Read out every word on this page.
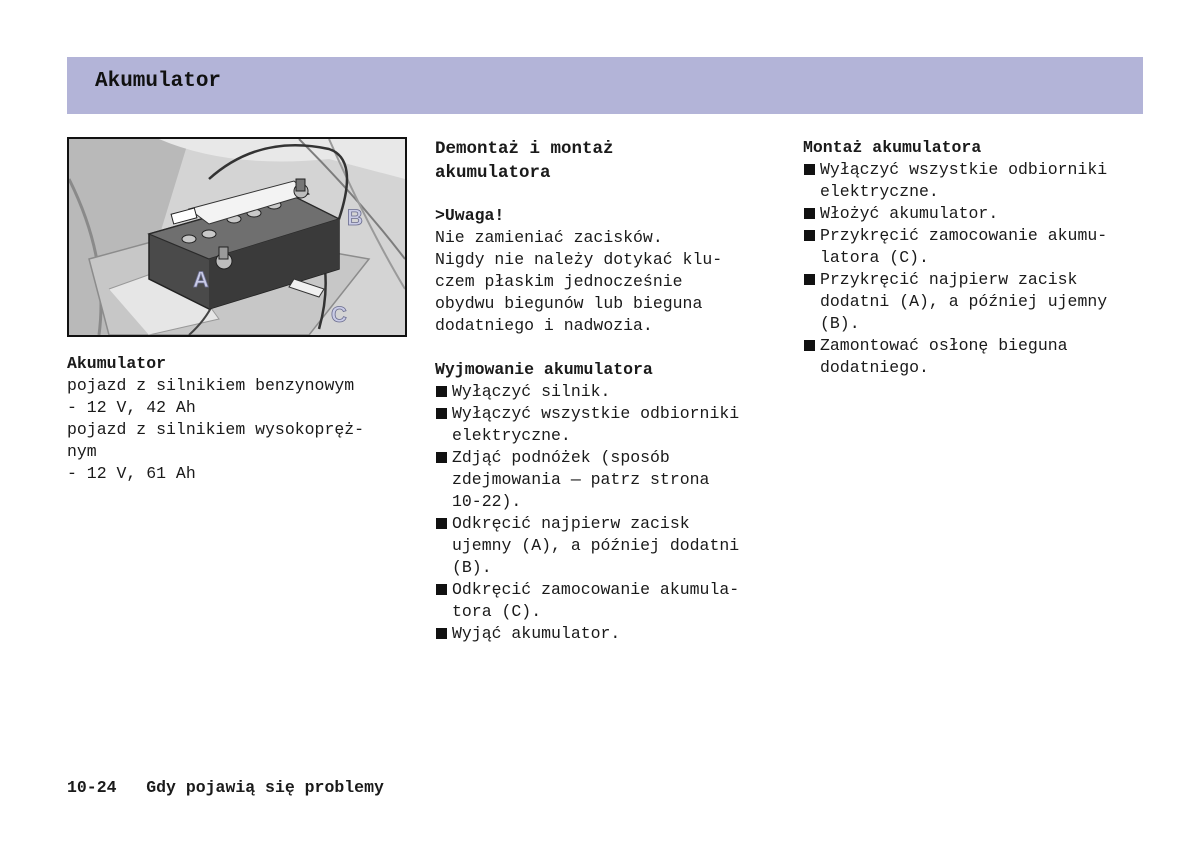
Akumulator
A
B
C
Akumulator
pojazd z silnikiem benzynowym
- 12 V, 42 Ah
pojazd z silnikiem wysokopręż-
nym
- 12 V, 61 Ah
Demontaż i montaż
akumulatora
>Uwaga!
Nie zamieniać zacisków.
Nigdy nie należy dotykać klu-
czem płaskim jednocześnie
obydwu biegunów lub bieguna
dodatniego i nadwozia.
Wyjmowanie akumulatora
Wyłączyć silnik.
Wyłączyć wszystkie odbiorniki
elektryczne.
Zdjąć podnóżek (sposób
zdejmowania — patrz strona
10-22).
Odkręcić najpierw zacisk
ujemny (A), a później dodatni
(B).
Odkręcić zamocowanie akumula-
tora (C).
Wyjąć akumulator.
Montaż akumulatora
Wyłączyć wszystkie odbiorniki
elektryczne.
Włożyć akumulator.
Przykręcić zamocowanie akumu-
latora (C).
Przykręcić najpierw zacisk
dodatni (A), a później ujemny
(B).
Zamontować osłonę bieguna
dodatniego.
10-24 Gdy pojawią się problemy
